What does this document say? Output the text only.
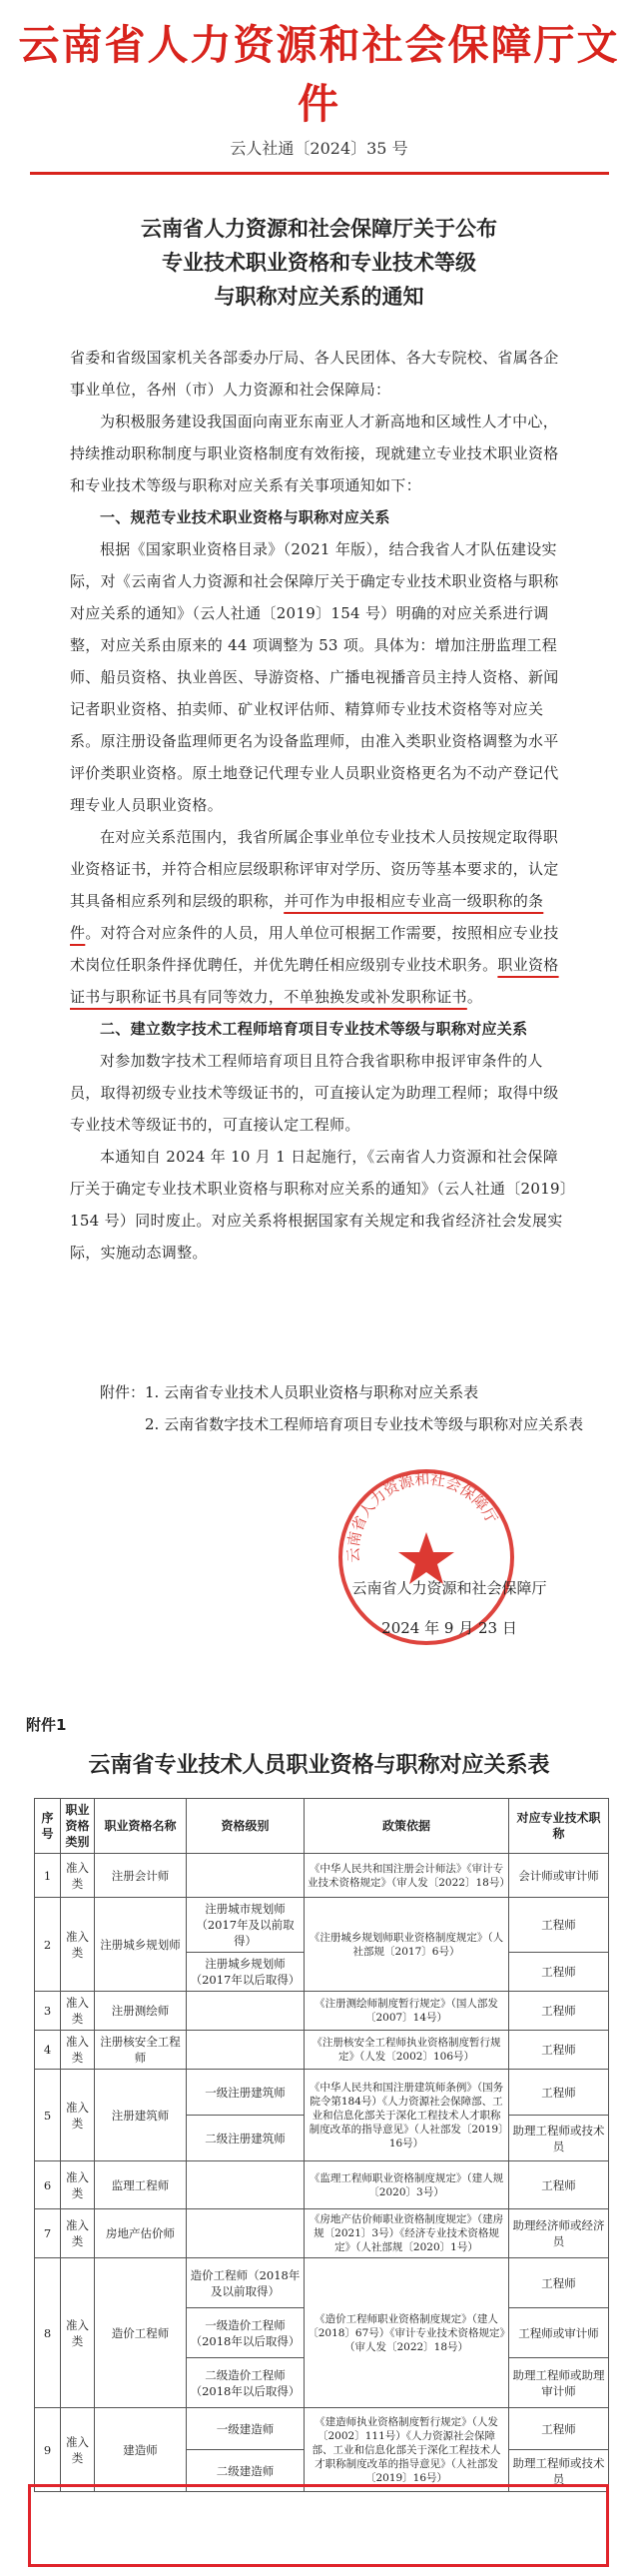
云南省人力资源和社会保障厅文件
云人社通〔2024〕35 号
云南省人力资源和社会保障厅关于公布
专业技术职业资格和专业技术等级
与职称对应关系的通知

省委和省级国家机关各部委办厅局、各人民团体、各大专院校、省属各企事业单位，各州（市）人力资源和社会保障局：

为积极服务建设我国面向南亚东南亚人才新高地和区域性人才中心，持续推动职称制度与职业资格制度有效衔接，现就建立专业技术职业资格和专业技术等级与职称对应关系有关事项通知如下：

一、规范专业技术职业资格与职称对应关系

根据《国家职业资格目录》（2021 年版），结合我省人才队伍建设实际，对《云南省人力资源和社会保障厅关于确定专业技术职业资格与职称对应关系的通知》（云人社通〔2019〕154 号）明确的对应关系进行调整，对应关系由原来的 44 项调整为 53 项。具体为：增加注册监理工程师、船员资格、执业兽医、导游资格、广播电视播音员主持人资格、新闻记者职业资格、拍卖师、矿业权评估师、精算师专业技术资格等对应关系。原注册设备监理师更名为设备监理师，由准入类职业资格调整为水平评价类职业资格。原土地登记代理专业人员职业资格更名为不动产登记代理专业人员职业资格。

在对应关系范围内，我省所属企事业单位专业技术人员按规定取得职业资格证书，并符合相应层级职称评审对学历、资历等基本要求的，认定其具备相应系列和层级的职称，并可作为申报相应专业高一级职称的条件。对符合对应条件的人员，用人单位可根据工作需要，按照相应专业技术岗位任职条件择优聘任，并优先聘任相应级别专业技术职务。职业资格证书与职称证书具有同等效力，不单独换发或补发职称证书。

二、建立数字技术工程师培育项目专业技术等级与职称对应关系

对参加数字技术工程师培育项目且符合我省职称申报评审条件的人员，取得初级专业技术等级证书的，可直接认定为助理工程师；取得中级专业技术等级证书的，可直接认定工程师。

本通知自 2024 年 10 月 1 日起施行，《云南省人力资源和社会保障厅关于确定专业技术职业资格与职称对应关系的通知》（云人社通〔2019〕154 号）同时废止。对应关系将根据国家有关规定和我省经济社会发展实际，实施动态调整。

附件：1. 云南省专业技术人员职业资格与职称对应关系表
2. 云南省数字技术工程师培育项目专业技术等级与职称对应关系表
云南省人力资源和社会保障厅
云南省人力资源和社会保障厅
2024 年 9 月 23 日
附件1
云南省专业技术人员职业资格与职称对应关系表
序号	职业资格类别	职业资格名称	资格级别	政策依据	对应专业技术职称
1	准入类	注册会计师		《中华人民共和国注册会计师法》《审计专业技术资格规定》（审人发〔2022〕18号）	会计师或审计师
2	准入类	注册城乡规划师	注册城市规划师（2017年及以前取得）	《注册城乡规划师职业资格制度规定》（人社部规〔2017〕6号）	工程师
			注册城乡规划师（2017年以后取得）		工程师
3	准入类	注册测绘师		《注册测绘师制度暂行规定》（国人部发〔2007〕14号）	工程师
4	准入类	注册核安全工程师		《注册核安全工程师执业资格制度暂行规定》（人发〔2002〕106号）	工程师
5	准入类	注册建筑师	一级注册建筑师	《中华人民共和国注册建筑师条例》（国务院令第184号）《人力资源社会保障部、工业和信息化部关于深化工程技术人才职称制度改革的指导意见》（人社部发〔2019〕16号）	工程师
			二级注册建筑师		助理工程师或技术员
6	准入类	监理工程师		《监理工程师职业资格制度规定》（建人规〔2020〕3号）	工程师
7	准入类	房地产估价师		《房地产估价师职业资格制度规定》（建房规〔2021〕3号）《经济专业技术资格规定》（人社部规〔2020〕1号）	助理经济师或经济员
8	准入类	造价工程师	造价工程师（2018年及以前取得）	《造价工程师职业资格制度规定》（建人〔2018〕67号）《审计专业技术资格规定》（审人发〔2022〕18号）	工程师
			一级造价工程师（2018年以后取得）		工程师或审计师
			二级造价工程师（2018年以后取得）		助理工程师或助理审计师
9	准入类	建造师	一级建造师	《建造师执业资格制度暂行规定》（人发〔2002〕111号）《人力资源社会保障部、工业和信息化部关于深化工程技术人才职称制度改革的指导意见》（人社部发〔2019〕16号）	工程师
			二级建造师		助理工程师或技术员
